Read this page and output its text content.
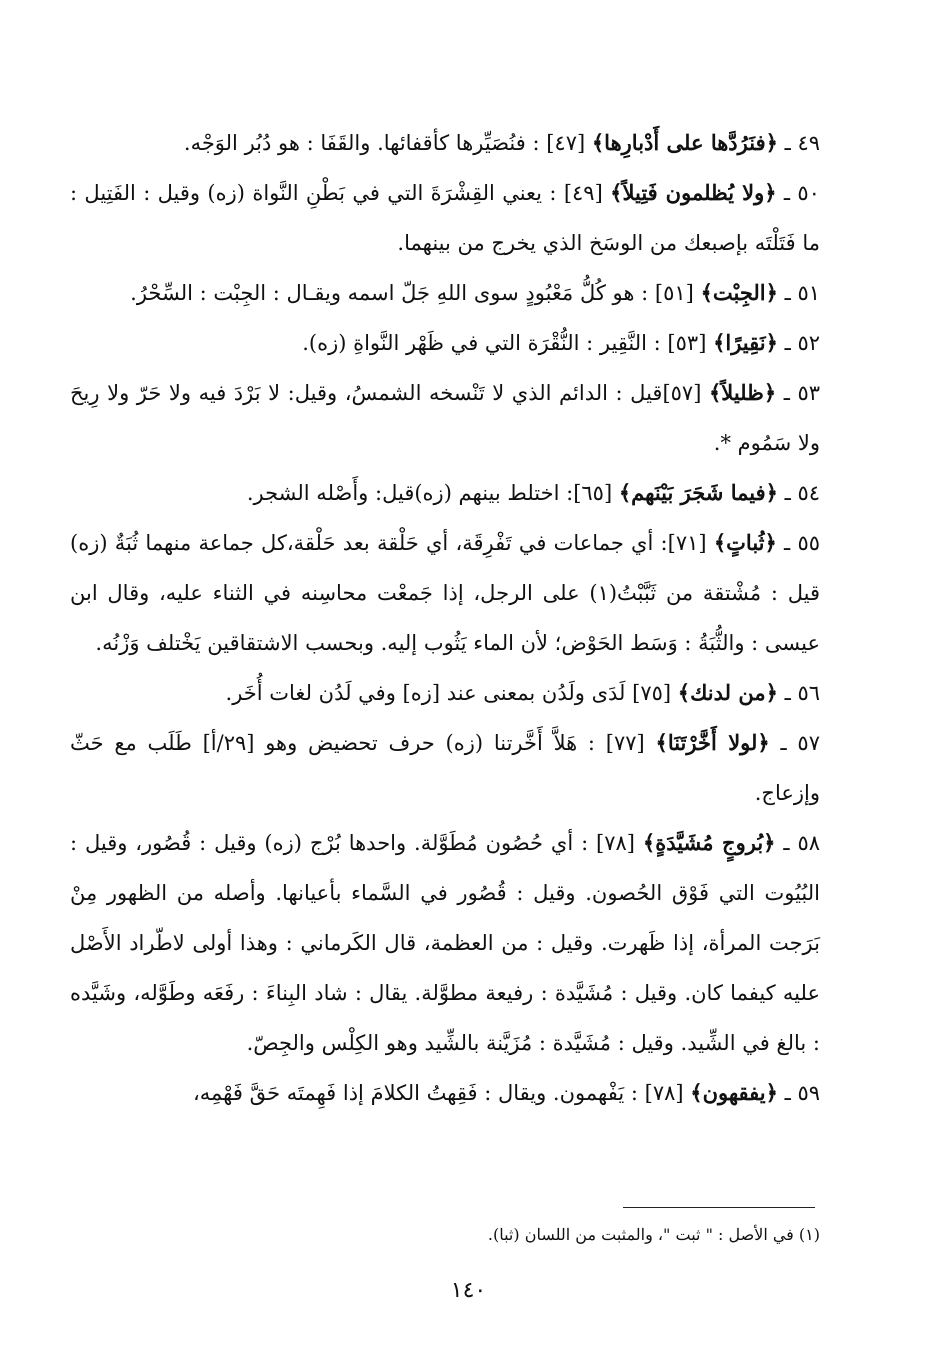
٤٩ ـ ﴿فنَرُدَّها على أَدْبارِها﴾ [٤٧] : فنُصَيِّرها كأقفائها. والقَفَا : هو دُبُر الوَجْه.

٥٠ ـ ﴿ولا يُظلمون فَتِيلاً﴾ [٤٩] : يعني القِشْرَةَ التي في بَطْنِ النَّواة (زه) وقيل : الفَتِيل : ما فَتَلْتَه بإصبعك من الوسَخ الذي يخرج من بينهما.

٥١ ـ ﴿الجِبْت﴾ [٥١] : هو كُلُّ مَعْبُودٍ سوى اللهِ جَلّ اسمه ويقـال : الجِبْت : السِّحْرُ.

٥٢ ـ ﴿نَقِيرًا﴾ [٥٣] : النَّقِير : النُّقْرَة التي في ظَهْر النَّواةِ (زه).

٥٣ ـ ﴿ظليلاً﴾ [٥٧]قيل : الدائم الذي لا تَنْسخه الشمسُ، وقيل: لا بَرْدَ فيه ولا حَرّ ولا رِيحَ ولا سَمُوم *.

٥٤ ـ ﴿فيما شَجَرَ بَيْنَهم﴾ [٦٥]: اختلط بينهم (زه)قيل: وأَصْله الشجر.

٥٥ ـ ﴿ثُباتٍ﴾ [٧١]: أي جماعات في تَفْرِقَة، أي حَلْقة بعد حَلْقة،كل جماعة منهما ثُبَةٌ (زه) قيل : مُشْتقة من ثَبَّبْتُ(١) على الرجل، إذا جَمعْت محاسِنه في الثناء عليه، وقال ابن عيسى : والثُّبَةُ : وَسَط الحَوْض؛ لأن الماء يَثُوب إليه. وبحسب الاشتقاقين يَخْتلف وَزْنُه.

٥٦ ـ ﴿من لدنك﴾ [٧٥] لَدَى ولَدُن بمعنى عند [زه] وفي لَدُن لغات أُخَر.

٥٧ ـ ﴿لولا أَخَّرْتَنَا﴾ [٧٧] : هَلاَّ أَخَّرتنا (زه) حرف تحضيض وهو [٢٩/أ] طَلَب مع حَثّ وإزعاج.

٥٨ ـ ﴿بُروجٍ مُشَيَّدَةٍ﴾ [٧٨] : أي حُصُون مُطَوَّلة. واحدها بُرْج (زه) وقيل : قُصُور، وقيل : البُيُوت التي فَوْق الحُصون. وقيل : قُصُور في السَّماء بأعيانها. وأصله من الظهور مِنْ بَرَجت المرأة، إذا ظَهرت. وقيل : من العظمة، قال الكَرماني : وهذا أولى لاطّراد الأَصْل عليه كيفما كان. وقيل : مُشَيَّدة : رفيعة مطوَّلة. يقال : شاد البِناءَ : رفَعَه وطَوَّله، وشَيَّده : بالغ في الشِّيد. وقيل : مُشَيَّدة : مُزَيَّنة بالشِّيد وهو الكِلْس والجِصّ.

٥٩ ـ ﴿يفقهون﴾ [٧٨] : يَفْهمون. ويقال : فَقِهتُ الكلامَ إذا فَهِمتَه حَقَّ فَهْمِه،

(١) في الأصل : " ثبت "، والمثبت من اللسان (ثبا).
١٤٠
